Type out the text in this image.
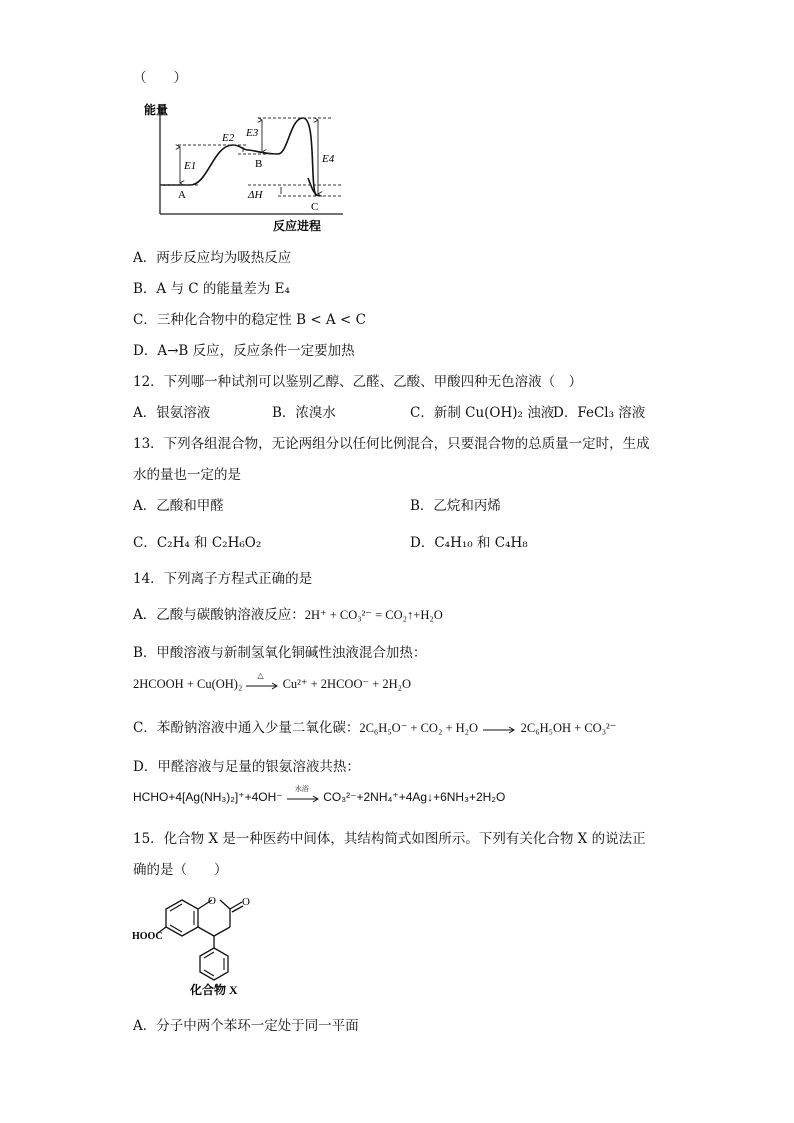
（　　）
能量
E1
E2 E3
E4
A
B
C
ΔH
反应进程
A．两步反应均为吸热反应
B．A 与 C 的能量差为 E₄
C．三种化合物中的稳定性 B < A < C
D．A→B 反应，反应条件一定要加热
12．下列哪一种试剂可以鉴别乙醇、乙醛、乙酸、甲酸四种无色溶液（　）
A．银氨溶液	B．浓溴水	C．新制 Cu(OH)₂ 浊液
D．FeCl₃ 溶液
13．下列各组混合物，无论两组分以任何比例混合，只要混合物的总质量一定时，生成
水的量也一定的是
A．乙酸和甲醛	B．乙烷和丙烯
C．C₂H₄ 和 C₂H₆O₂	D．C₄H₁₀ 和 C₄H₈
14．下列离子方程式正确的是
A．乙酸与碳酸钠溶液反应：2H⁺ + CO₃²⁻ = CO₂↑+H₂O
B．甲酸溶液与新制氢氧化铜碱性浊液混合加热：
2HCOOH + Cu(OH)₂
△
Cu²⁺ + 2HCOO⁻ + 2H₂O
C．苯酚钠溶液中通入少量二氧化碳：2C₆H₅O⁻ + CO₂ + H₂O → 2C₆H₅OH + CO₃²⁻
D．甲醛溶液与足量的银氨溶液共热：
HCHO+4[Ag(NH₃)₂]⁺+4OH⁻
水浴
CO₃²⁻+2NH₄⁺+4Ag↓+6NH₃+2H₂O
15．化合物 X 是一种医药中间体，其结构简式如图所示。下列有关化合物 X 的说法正
确的是（　　）
O O
HOOC
化合物 X
A．分子中两个苯环一定处于同一平面
